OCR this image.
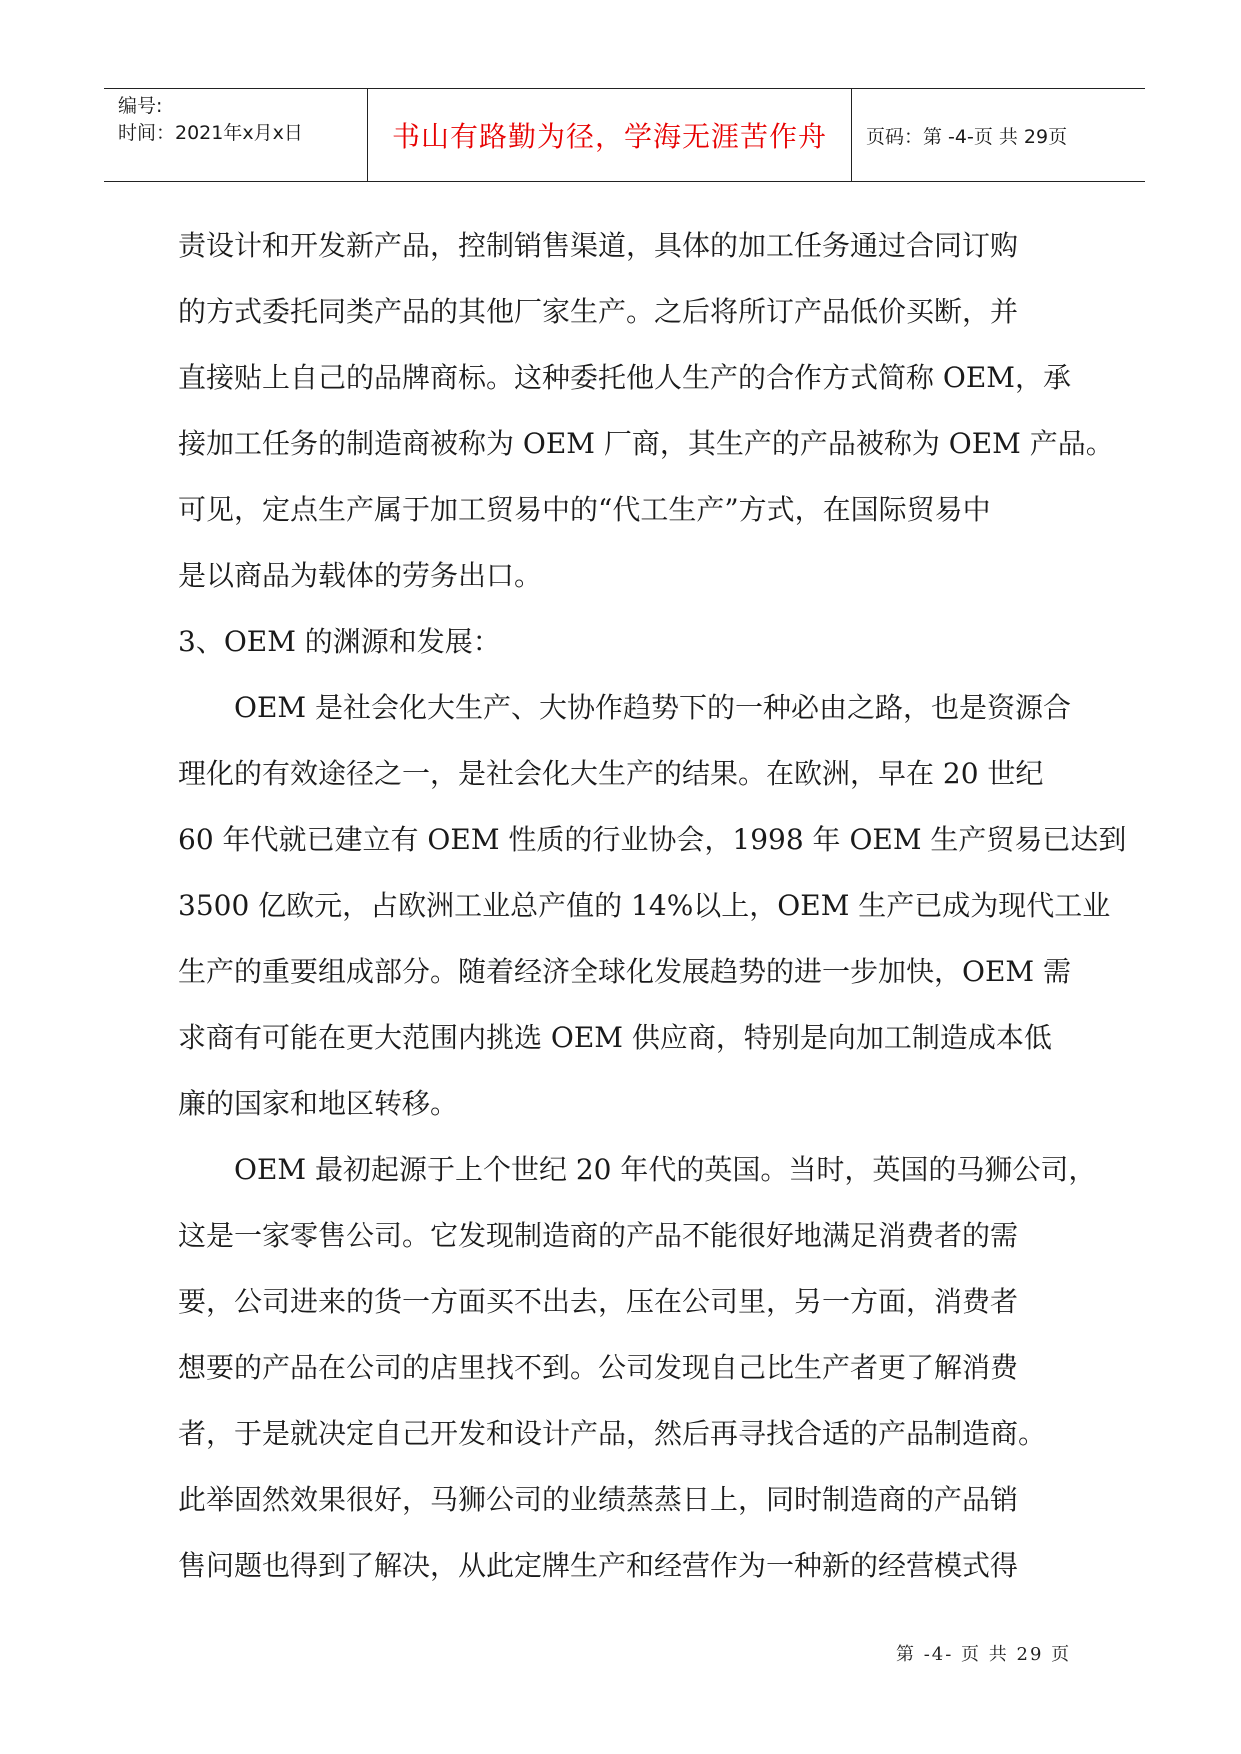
编号:
时间：2021年x月x日	书山有路勤为径，学海无涯苦作舟 页码：第 -4-页 共 29页
责设计和开发新产品，控制销售渠道，具体的加工任务通过合同订购
的方式委托同类产品的其他厂家生产。之后将所订产品低价买断，并
直接贴上自己的品牌商标。这种委托他人生产的合作方式简称 OEM，承
接加工任务的制造商被称为 OEM 厂商，其生产的产品被称为 OEM 产品。
可见，定点生产属于加工贸易中的“代工生产”方式，在国际贸易中
是以商品为载体的劳务出口。
3、OEM 的渊源和发展：
　　OEM 是社会化大生产、大协作趋势下的一种必由之路，也是资源合
理化的有效途径之一，是社会化大生产的结果。在欧洲，早在 20 世纪
60 年代就已建立有 OEM 性质的行业协会，1998 年 OEM 生产贸易已达到
3500 亿欧元，占欧洲工业总产值的 14%以上，OEM 生产已成为现代工业
生产的重要组成部分。随着经济全球化发展趋势的进一步加快，OEM 需
求商有可能在更大范围内挑选 OEM 供应商，特别是向加工制造成本低
廉的国家和地区转移。
　　OEM 最初起源于上个世纪 20 年代的英国。当时，英国的马狮公司，
这是一家零售公司。它发现制造商的产品不能很好地满足消费者的需
要，公司进来的货一方面买不出去，压在公司里，另一方面，消费者
想要的产品在公司的店里找不到。公司发现自己比生产者更了解消费
者，于是就决定自己开发和设计产品，然后再寻找合适的产品制造商。
此举固然效果很好，马狮公司的业绩蒸蒸日上，同时制造商的产品销
售问题也得到了解决，从此定牌生产和经营作为一种新的经营模式得
第 -4- 页 共 29 页
